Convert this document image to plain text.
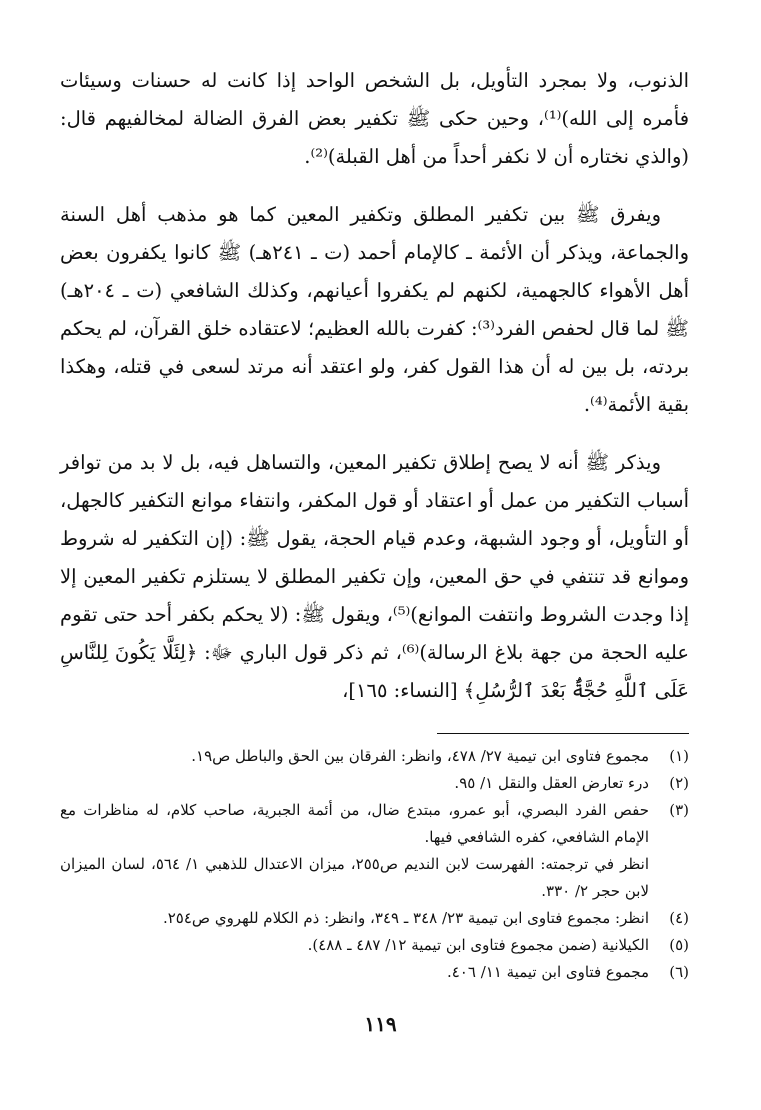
الذنوب، ولا بمجرد التأويل، بل الشخص الواحد إذا كانت له حسنات وسيئات فأمره إلى الله)⁽¹⁾، وحين حكى ﷺ تكفير بعض الفرق الضالة لمخالفيهم قال: (والذي نختاره أن لا نكفر أحداً من أهل القبلة)⁽²⁾.

ويفرق ﷺ بين تكفير المطلق وتكفير المعين كما هو مذهب أهل السنة والجماعة، ويذكر أن الأئمة ـ كالإمام أحمد (ت ـ ٢٤١هـ) ﷺ كانوا يكفرون بعض أهل الأهواء كالجهمية، لكنهم لم يكفروا أعيانهم، وكذلك الشافعي (ت ـ ٢٠٤هـ) ﷺ لما قال لحفص الفرد⁽³⁾: كفرت بالله العظيم؛ لاعتقاده خلق القرآن، لم يحكم بردته، بل بين له أن هذا القول كفر، ولو اعتقد أنه مرتد لسعى في قتله، وهكذا بقية الأئمة⁽⁴⁾.

ويذكر ﷺ أنه لا يصح إطلاق تكفير المعين، والتساهل فيه، بل لا بد من توافر أسباب التكفير من عمل أو اعتقاد أو قول المكفر، وانتفاء موانع التكفير كالجهل، أو التأويل، أو وجود الشبهة، وعدم قيام الحجة، يقول ﷺ: (إن التكفير له شروط وموانع قد تنتفي في حق المعين، وإن تكفير المطلق لا يستلزم تكفير المعين إلا إذا وجدت الشروط وانتفت الموانع)⁽⁵⁾، ويقول ﷺ: (لا يحكم بكفر أحد حتى تقوم عليه الحجة من جهة بلاغ الرسالة)⁽⁶⁾، ثم ذكر قول الباري ﷻ: ﴿لِئَلَّا يَكُونَ لِلنَّاسِ عَلَى ٱللَّهِ حُجَّةٌۢ بَعْدَ ٱلرُّسُلِ﴾ [النساء: ١٦٥]،

(١)

مجموع فتاوى ابن تيمية ٢٧/ ٤٧٨، وانظر: الفرقان بين الحق والباطل ص١٩.

(٢)

درء تعارض العقل والنقل ١/ ٩٥.

(٣)

حفص الفرد البصري، أبو عمرو، مبتدع ضال، من أئمة الجبرية، صاحب كلام، له مناظرات مع الإمام الشافعي، كفره الشافعي فيها.

انظر في ترجمته: الفهرست لابن النديم ص٢٥٥، ميزان الاعتدال للذهبي ١/ ٥٦٤، لسان الميزان لابن حجر ٢/ ٣٣٠.

(٤)

انظر: مجموع فتاوى ابن تيمية ٢٣/ ٣٤٨ ـ ٣٤٩، وانظر: ذم الكلام للهروي ص٢٥٤.

(٥)

الكيلانية (ضمن مجموع فتاوى ابن تيمية ١٢/ ٤٨٧ ـ ٤٨٨).

(٦)

مجموع فتاوى ابن تيمية ١١/ ٤٠٦.

١١٩
